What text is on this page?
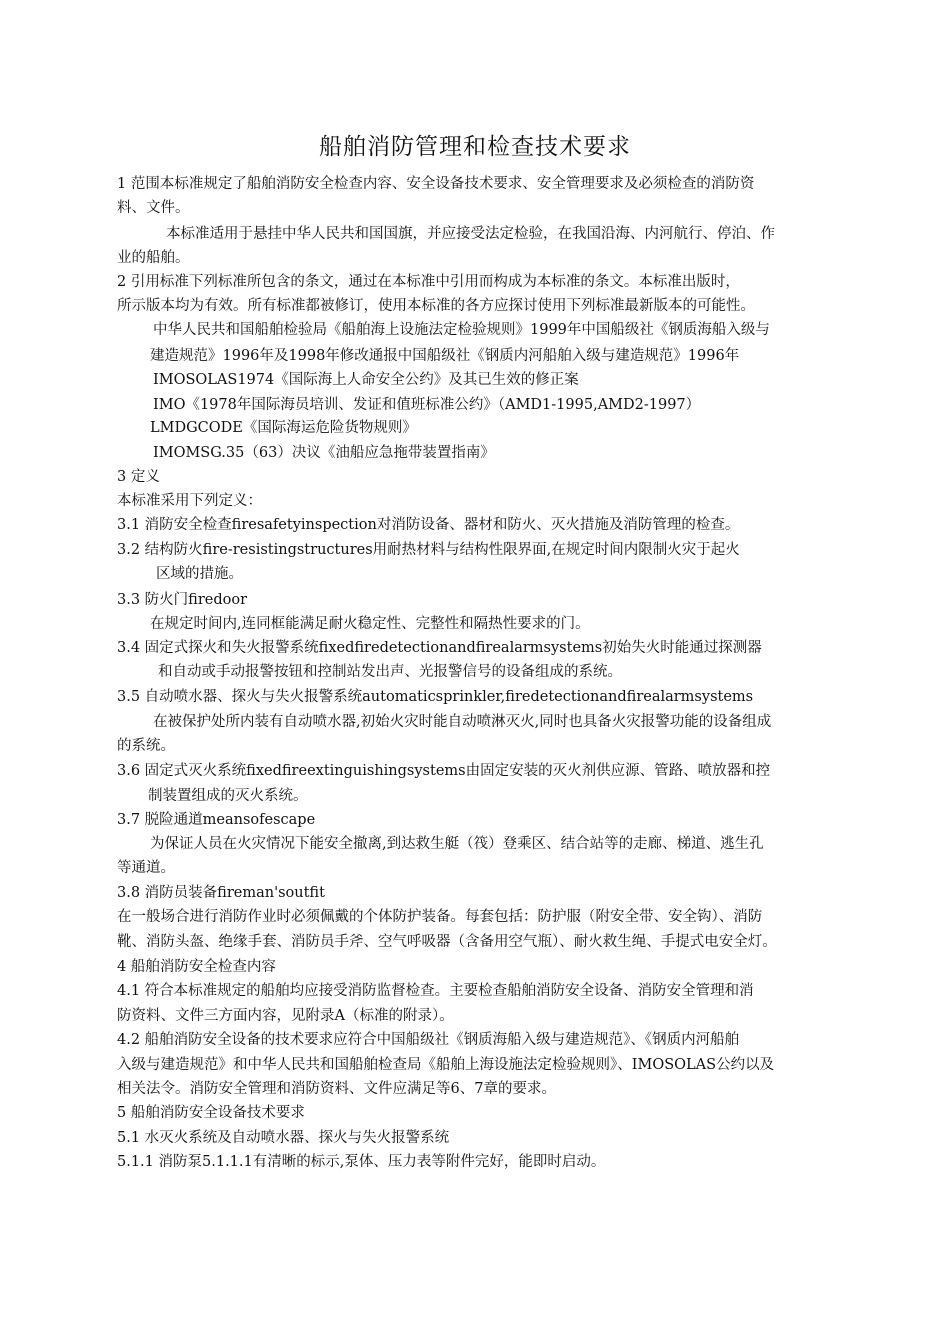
船舶消防管理和检查技术要求
1 范围本标准规定了船舶消防安全检查内容、安全设备技术要求、安全管理要求及必须检查的消防资
料、文件。
本标准适用于悬挂中华人民共和国国旗，并应接受法定检验，在我国沿海、内河航行、停泊、作
业的船舶。
2 引用标准下列标准所包含的条文，通过在本标准中引用而构成为本标准的条文。本标准出版时，
所示版本均为有效。所有标准都被修订，使用本标准的各方应探讨使用下列标准最新版本的可能性。
中华人民共和国船舶检验局《船舶海上设施法定检验规则》1999年中国船级社《钢质海船入级与
建造规范》1996年及1998年修改通报中国船级社《钢质内河船舶入级与建造规范》1996年
IMOSOLAS1974《国际海上人命安全公约》及其已生效的修正案
IMO《1978年国际海员培训、发证和值班标准公约》（AMD1-1995,AMD2-1997）
LMDGCODE《国际海运危险货物规则》
IMOMSG.35（63）决议《油船应急拖带装置指南》
3 定义
本标准采用下列定义：
3.1 消防安全检查firesafetyinspection对消防设备、器材和防火、灭火措施及消防管理的检查。
3.2 结构防火fire-resistingstructures用耐热材料与结构性限界面,在规定时间内限制火灾于起火
区域的措施。
3.3 防火门firedoor
在规定时间内,连同框能满足耐火稳定性、完整性和隔热性要求的门。
3.4 固定式探火和失火报警系统fixedfiredetectionandfirealarmsystems初始失火时能通过探测器
和自动或手动报警按钮和控制站发出声、光报警信号的设备组成的系统。
3.5 自动喷水器、探火与失火报警系统automaticsprinkler,firedetectionandfirealarmsystems
在被保护处所内装有自动喷水器,初始火灾时能自动喷淋灭火,同时也具备火灾报警功能的设备组成
的系统。
3.6 固定式灭火系统fixedfireextinguishingsystems由固定安装的灭火剂供应源、管路、喷放器和控
制装置组成的灭火系统。
3.7 脱险通道meansofescape
为保证人员在火灾情况下能安全撤离,到达救生艇（筏）登乘区、结合站等的走廊、梯道、逃生孔
等通道。
3.8 消防员装备fireman'soutfit
在一般场合进行消防作业时必须佩戴的个体防护装备。每套包括：防护服（附安全带、安全钩）、消防
靴、消防头盔、绝缘手套、消防员手斧、空气呼吸器（含备用空气瓶）、耐火救生绳、手提式电安全灯。
4 船舶消防安全检查内容
4.1 符合本标准规定的船舶均应接受消防监督检查。主要检查船舶消防安全设备、消防安全管理和消
防资料、文件三方面内容，见附录A（标准的附录）。
4.2 船舶消防安全设备的技术要求应符合中国船级社《钢质海船入级与建造规范》、《钢质内河船舶
入级与建造规范》和中华人民共和国船舶检查局《船舶上海设施法定检验规则》、IMOSOLAS公约以及
相关法令。消防安全管理和消防资料、文件应满足等6、7章的要求。
5 船舶消防安全设备技术要求
5.1 水灭火系统及自动喷水器、探火与失火报警系统
5.1.1 消防泵5.1.1.1有清晰的标示,泵体、压力表等附件完好，能即时启动。
